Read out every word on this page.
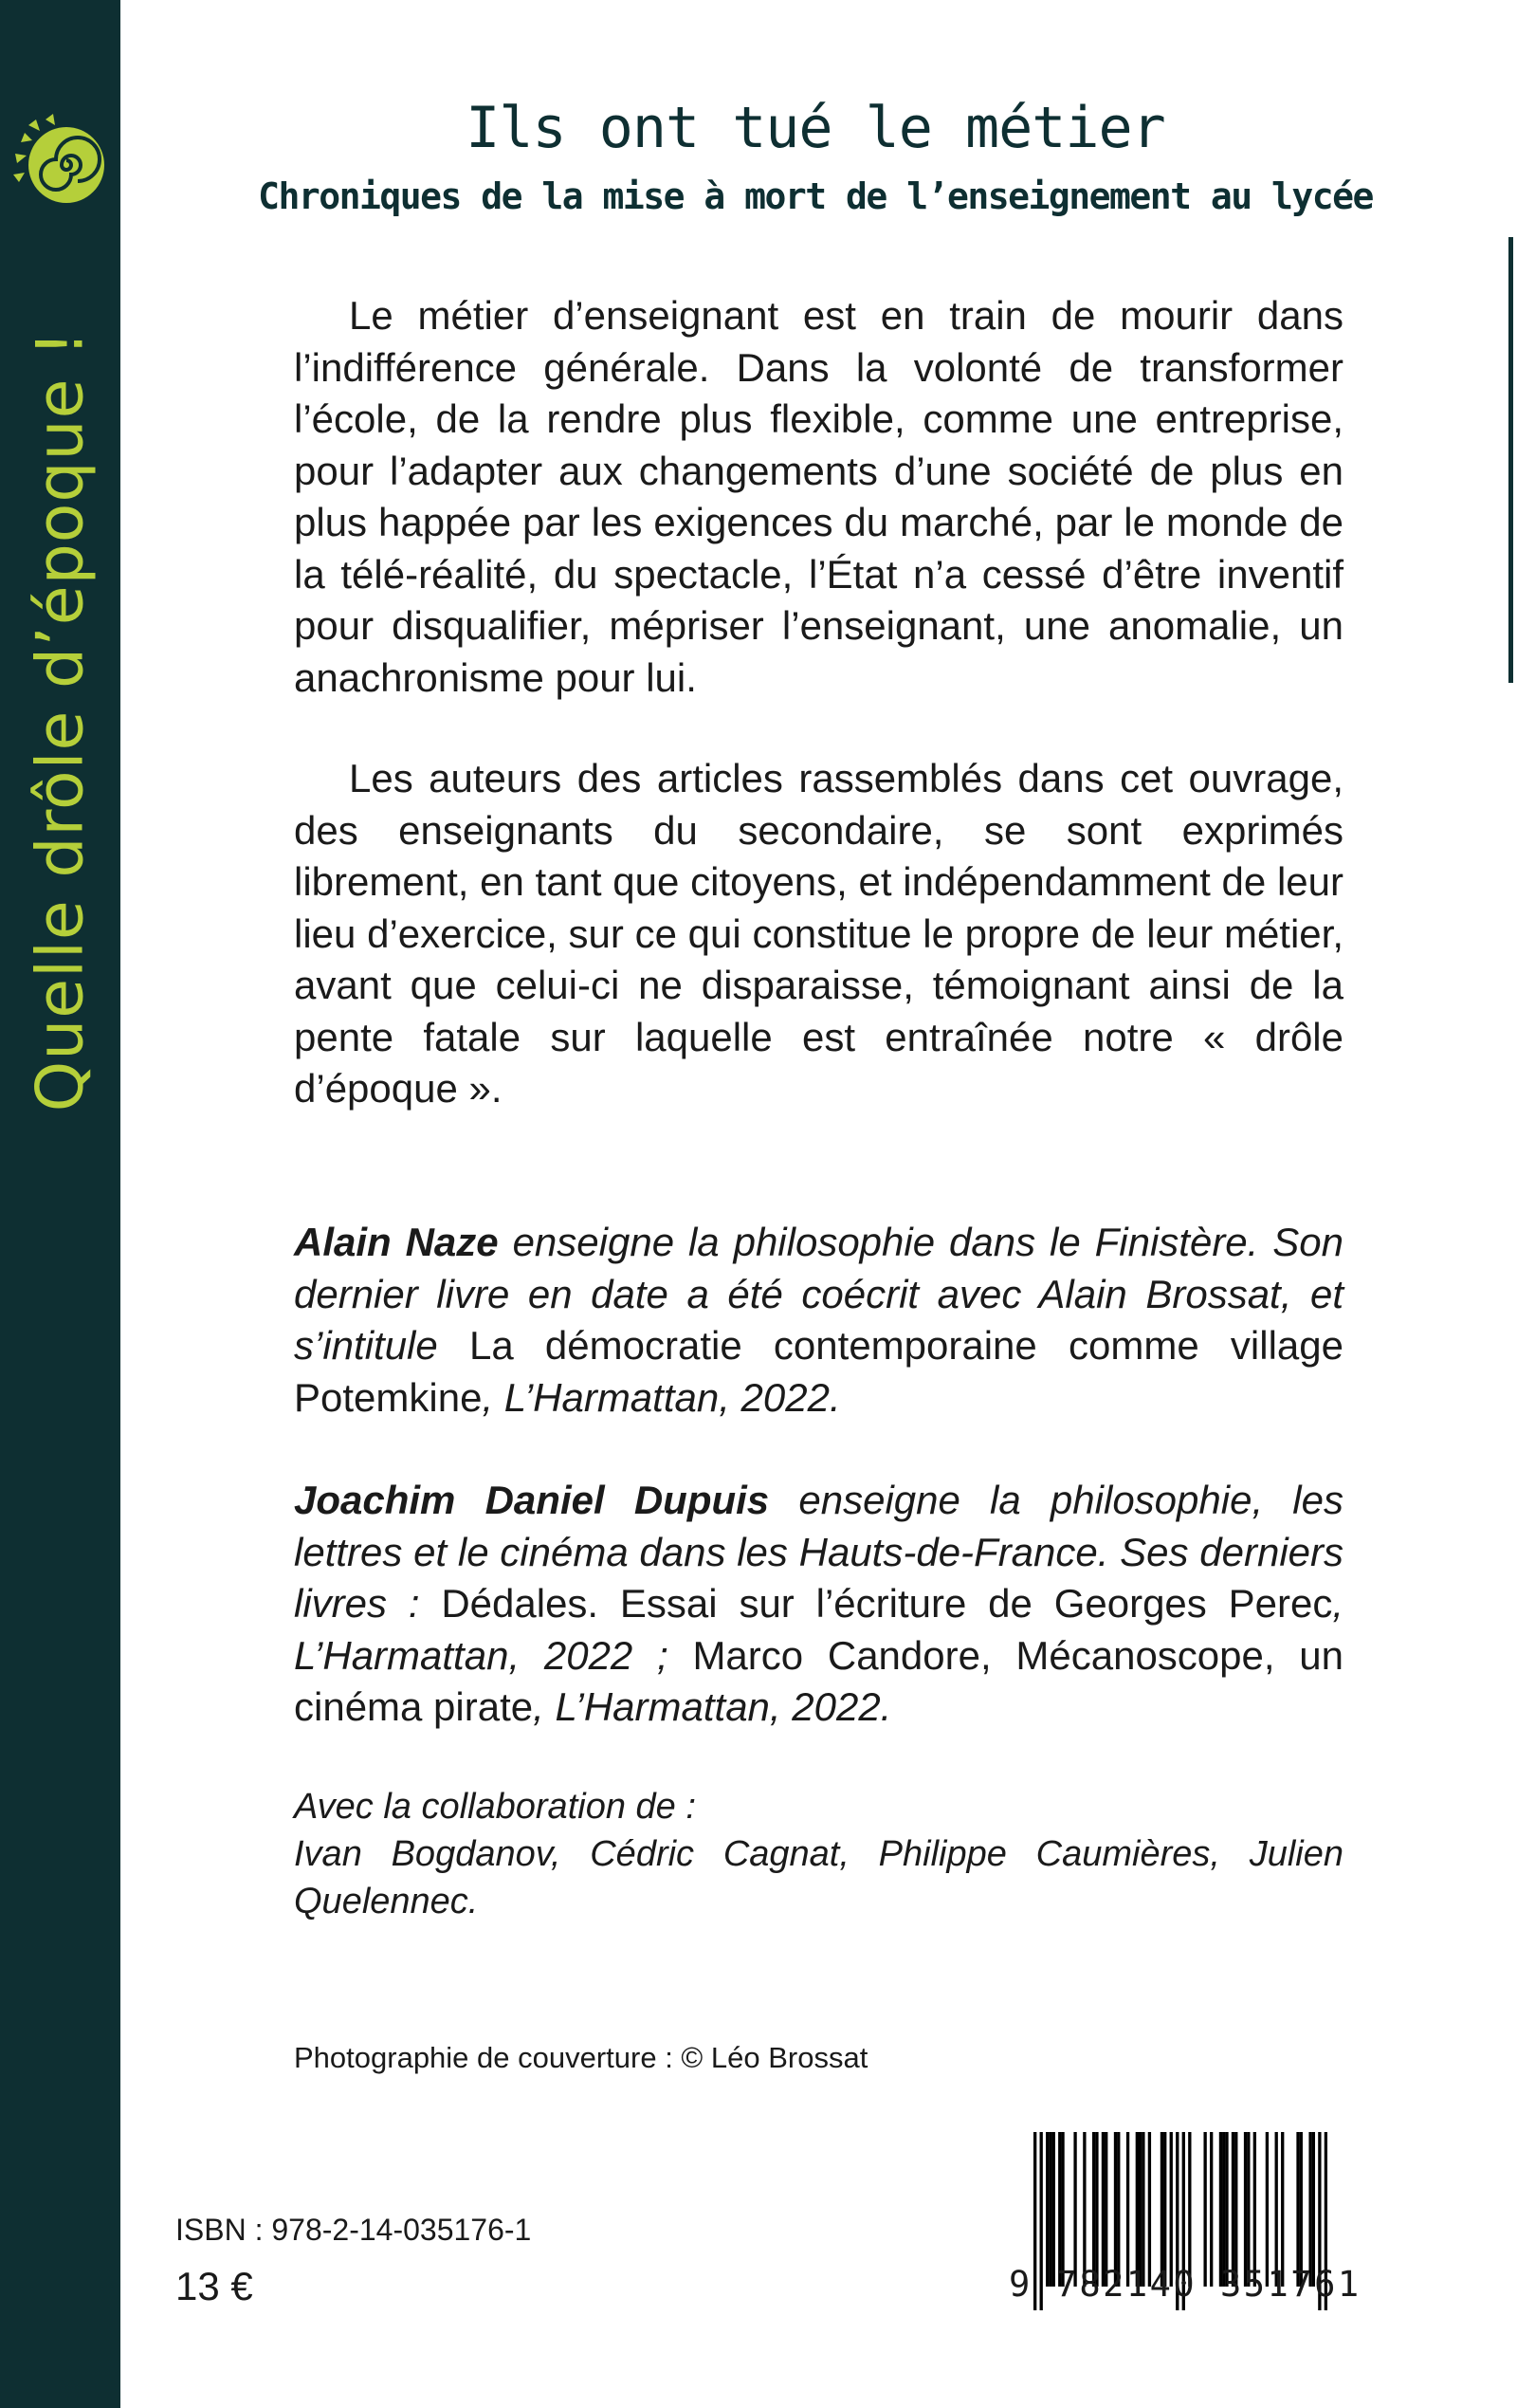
Quelle drôle d’époque !
Ils ont tué le métier
Chroniques de la mise à mort de l’enseignement au lycée

Le métier d’enseignant est en train de mourir dans l’indifférence générale. Dans la volonté de transformer l’école, de la rendre plus flexible, comme une entreprise, pour l’adapter aux changements d’une société de plus en plus happée par les exigences du marché, par le monde de la télé-réalité, du spectacle, l’État n’a cessé d’être inventif pour disqualifier, mépriser l’enseignant, une anomalie, un anachronisme pour lui.

Les auteurs des articles rassemblés dans cet ouvrage, des enseignants du secondaire, se sont exprimés librement, en tant que citoyens, et indépendamment de leur lieu d’exercice, sur ce qui constitue le propre de leur métier, avant que celui-ci ne disparaisse, témoignant ainsi de la pente fatale sur laquelle est entraînée notre « drôle d’époque ».

Alain Naze enseigne la philosophie dans le Finistère. Son dernier livre en date a été coécrit avec Alain Brossat, et s’intitule La démocratie contemporaine comme village Potemkine, L’Harmattan, 2022.

Joachim Daniel Dupuis enseigne la philosophie, les lettres et le cinéma dans les Hauts-de-France. Ses derniers livres : Dédales. Essai sur l’écriture de Georges Perec, L’Harmattan, 2022 ; Marco Candore, Mécanoscope, un cinéma pirate, L’Harmattan, 2022.

Avec la collaboration de :

Ivan Bogdanov, Cédric Cagnat, Philippe Caumières, Julien Quelennec.

Photographie de couverture : © Léo Brossat
ISBN : 978-2-14-035176-1
13 €	9 782140 351761
